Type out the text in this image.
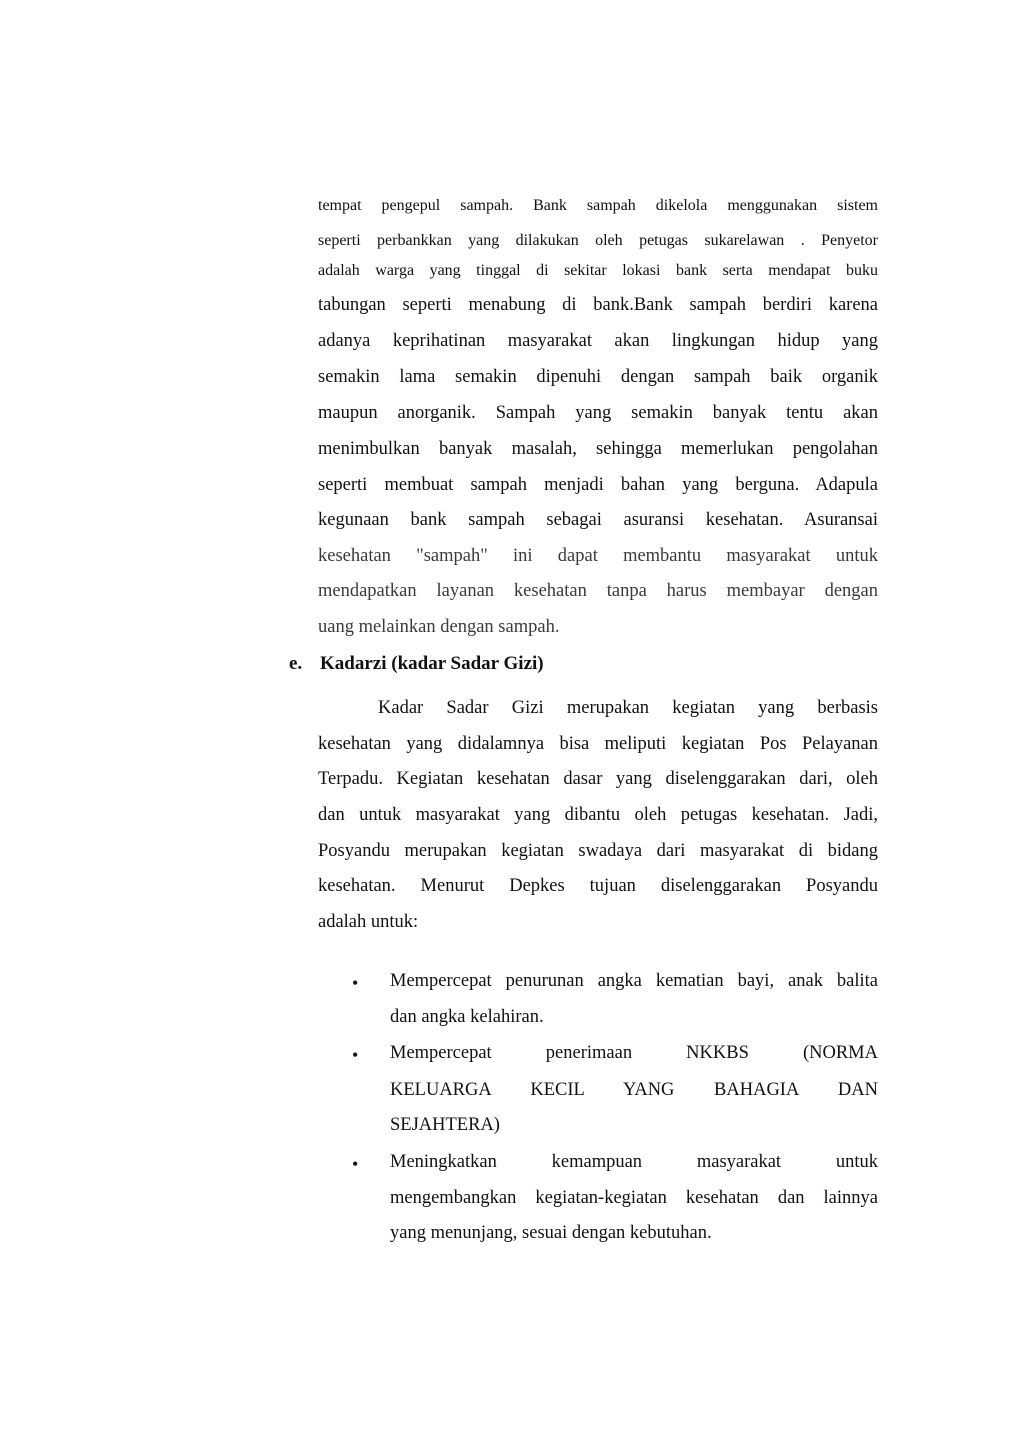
tempat pengepul sampah. Bank sampah dikelola menggunakan sistem
seperti perbankkan yang dilakukan oleh petugas sukarelawan . Penyetor
adalah warga yang tinggal di sekitar lokasi bank serta mendapat buku
tabungan seperti menabung di bank.Bank sampah berdiri karena
adanya keprihatinan masyarakat akan lingkungan hidup yang
semakin lama semakin dipenuhi dengan sampah baik organik
maupun anorganik. Sampah yang semakin banyak tentu akan
menimbulkan banyak masalah, sehingga memerlukan pengolahan
seperti membuat sampah menjadi bahan yang berguna. Adapula
kegunaan bank sampah sebagai asuransi kesehatan. Asuransai
kesehatan "sampah" ini dapat membantu masyarakat untuk
mendapatkan layanan kesehatan tanpa harus membayar dengan
uang melainkan dengan sampah.
e. Kadarzi (kadar Sadar Gizi)
Kadar Sadar Gizi merupakan kegiatan yang berbasis
kesehatan yang didalamnya bisa meliputi kegiatan Pos Pelayanan
Terpadu. Kegiatan kesehatan dasar yang diselenggarakan dari, oleh
dan untuk masyarakat yang dibantu oleh petugas kesehatan. Jadi,
Posyandu merupakan kegiatan swadaya dari masyarakat di bidang
kesehatan. Menurut Depkes tujuan diselenggarakan Posyandu
adalah untuk:
• Mempercepat penurunan angka kematian bayi, anak balita
dan angka kelahiran.
• Mempercepat penerimaan NKKBS (NORMA
KELUARGA KECIL YANG BAHAGIA DAN
SEJAHTERA)
• Meningkatkan kemampuan masyarakat untuk
mengembangkan kegiatan-kegiatan kesehatan dan lainnya
yang menunjang, sesuai dengan kebutuhan.
